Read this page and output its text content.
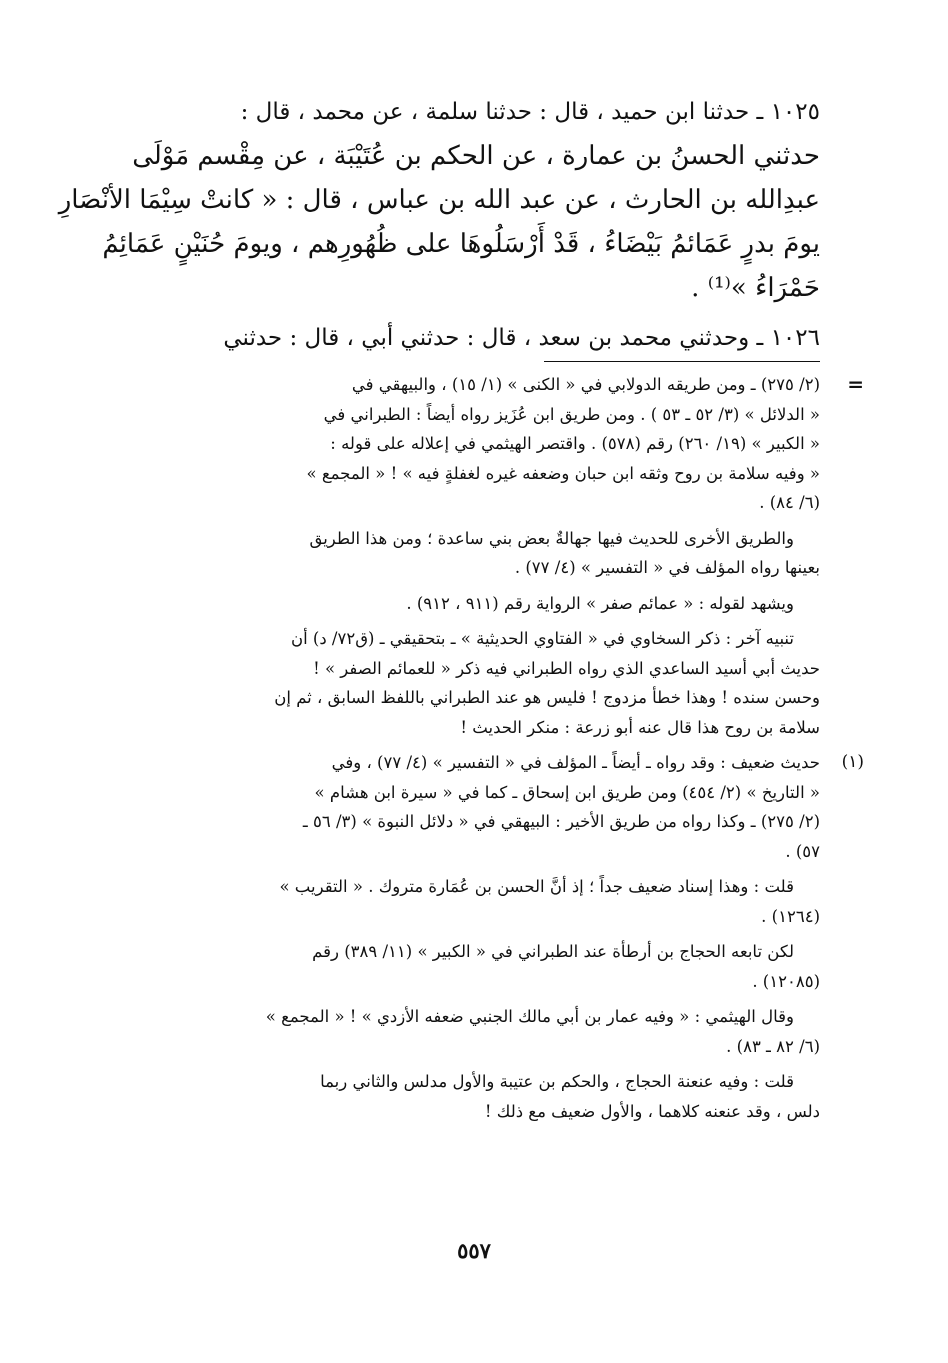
١٠٢٥ ـ حدثنا ابن حميد ، قال : حدثنا سلمة ، عن محمد ، قال :
حدثني الحسنُ بن عمارة ، عن الحكم بن عُتَيْبَة ، عن مِقْسم مَوْلَى
عبدِالله بن الحارث ، عن عبد الله بن عباس ، قال : « كانتْ سِيْمَا الأنْصَارِ
يومَ بدرٍ عَمَائمُ بَيْضَاءُ ، قَدْ أَرْسَلُوهَا على ظُهُورِهم ، ويومَ حُنَيْنٍ عَمَائِمُ
حَمْرَاءُ »⁽¹⁾ .
١٠٢٦ ـ وحدثني محمد بن سعد ، قال : حدثني أبي ، قال : حدثني
=
(٢/ ٢٧٥) ـ ومن طريقه الدولابي في « الكنى » (١/ ١٥) ، والبيهقي في
« الدلائل » (٣/ ٥٢ ـ ٥٣ ) . ومن طريق ابن عُزَيز رواه أيضاً : الطبراني في
« الكبير » (١٩/ ٢٦٠) رقم (٥٧٨) . واقتصر الهيثمي في إعلاله على قوله :
« وفيه سلامة بن روح وثقه ابن حبان وضعفه غيره لغفلةٍ فيه » ! « المجمع »
(٦/ ٨٤) .
والطريق الأخرى للحديث فيها جهالةٌ بعض بني ساعدة ؛ ومن هذا الطريق
بعينها رواه المؤلف في « التفسير » (٤/ ٧٧) .
ويشهد لقوله : « عمائم صفر » الرواية رقم (٩١١ ، ٩١٢) .
تنبيه آخر : ذكر السخاوي في « الفتاوي الحديثية » ـ بتحقيقي ـ (ق٧٢/ د) أن
حديث أبي أسيد الساعدي الذي رواه الطبراني فيه ذكر « للعمائم الصفر » !
وحسن سنده ! وهذا خطأ مزدوج ! فليس هو عند الطبراني باللفظ السابق ، ثم إن
سلامة بن روح هذا قال عنه أبو زرعة : منكر الحديث !
(١)
حديث ضعيف : وقد رواه ـ أيضاً ـ المؤلف في « التفسير » (٤/ ٧٧) ، وفي
« التاريخ » (٢/ ٤٥٤) ومن طريق ابن إسحاق ـ كما في « سيرة ابن هشام »
(٢/ ٢٧٥) ـ وكذا رواه من طريق الأخير : البيهقي في « دلائل النبوة » (٣/ ٥٦ ـ
٥٧) .
قلت : وهذا إسناد ضعيف جداً ؛ إذ أنَّ الحسن بن عُمَارة متروك . « التقريب »
(١٢٦٤) .
لكن تابعه الحجاج بن أرطأة عند الطبراني في « الكبير » (١١/ ٣٨٩) رقم
(١٢٠٨٥) .
وقال الهيثمي : « وفيه عمار بن أبي مالك الجنبي ضعفه الأزدي » ! « المجمع »
(٦/ ٨٢ ـ ٨٣) .
قلت : وفيه عنعنة الحجاج ، والحكم بن عتيبة والأول مدلس والثاني ربما
دلس ، وقد عنعنه كلاهما ، والأول ضعيف مع ذلك !
٥٥٧
